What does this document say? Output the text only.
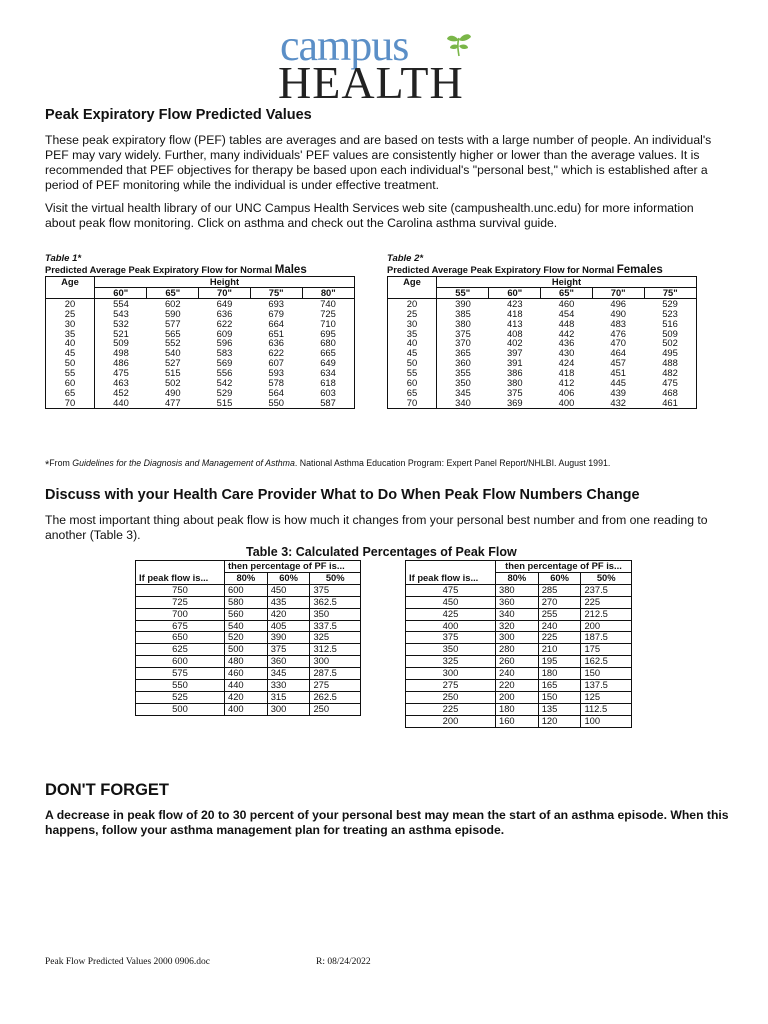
campus
HEALTH
Peak Expiratory Flow Predicted Values

These peak expiratory flow (PEF) tables are averages and are based on tests with a large number of people. An individual's PEF may vary widely. Further, many individuals' PEF values are consistently higher or lower than the average values. It is recommended that PEF objectives for therapy be based upon each individual's "personal best," which is established after a period of PEF monitoring while the individual is under effective treatment.

Visit the virtual health library of our UNC Campus Health Services web site (campushealth.unc.edu) for more information about peak flow monitoring. Click on asthma and check out the Carolina asthma survival guide.

Table 1*
Predicted Average Peak Expiratory Flow for Normal Males
Age	Height				
	60"	65"	70"	75"	80"
20	554	602	649	693	740
25	543	590	636	679	725
30	532	577	622	664	710
35	521	565	609	651	695
40	509	552	596	636	680
45	498	540	583	622	665
50	486	527	569	607	649
55	475	515	556	593	634
60	463	502	542	578	618
65	452	490	529	564	603
70	440	477	515	550	587
Table 2*
Predicted Average Peak Expiratory Flow for Normal Females
Age	Height				
	55"	60"	65"	70"	75"
20	390	423	460	496	529
25	385	418	454	490	523
30	380	413	448	483	516
35	375	408	442	476	509
40	370	402	436	470	502
45	365	397	430	464	495
50	360	391	424	457	488
55	355	386	418	451	482
60	350	380	412	445	475
65	345	375	406	439	468
70	340	369	400	432	461
*From Guidelines for the Diagnosis and Management of Asthma. National Asthma Education Program: Expert Panel Report/NHLBI. August 1991.
Discuss with your Health Care Provider What to Do When Peak Flow Numbers Change

The most important thing about peak flow is how much it changes from your personal best number and from one reading to another (Table 3).

Table 3: Calculated Percentages of Peak Flow
	then percentage of PF is...		
If peak flow is...	80%	60%	50%
750	600	450	375
725	580	435	362.5
700	560	420	350
675	540	405	337.5
650	520	390	325
625	500	375	312.5
600	480	360	300
575	460	345	287.5
550	440	330	275
525	420	315	262.5
500	400	300	250
	then percentage of PF is...		
If peak flow is...	80%	60%	50%
475	380	285	237.5
450	360	270	225
425	340	255	212.5
400	320	240	200
375	300	225	187.5
350	280	210	175
325	260	195	162.5
300	240	180	150
275	220	165	137.5
250	200	150	125
225	180	135	112.5
200	160	120	100
DON'T FORGET

A decrease in peak flow of 20 to 30 percent of your personal best may mean the start of an asthma episode. When this happens, follow your asthma management plan for treating an asthma episode.

Peak Flow Predicted Values 2000 0906.doc	R: 08/24/2022
